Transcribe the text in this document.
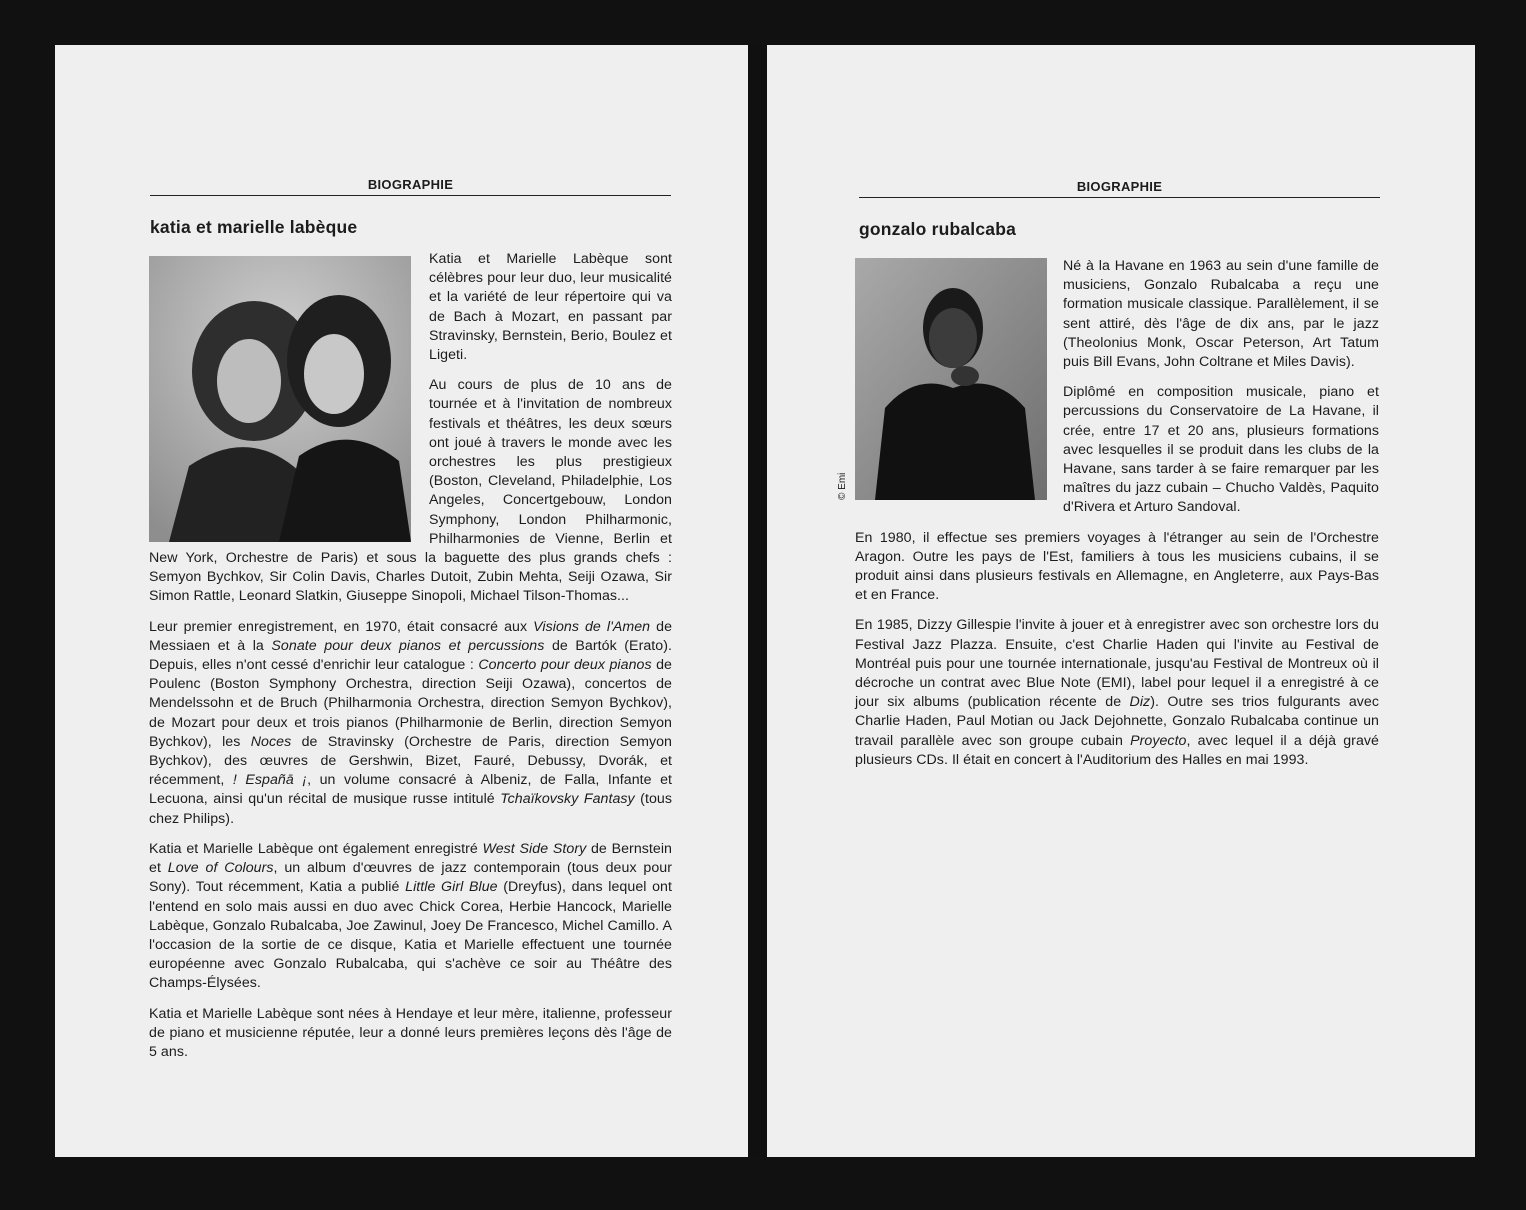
BIOGRAPHIE
katia et marielle labèque

Katia et Marielle Labèque sont célèbres pour leur duo, leur musicalité et la variété de leur répertoire qui va de Bach à Mozart, en passant par Stravinsky, Bernstein, Berio, Boulez et Ligeti.

Au cours de plus de 10 ans de tournée et à l'invitation de nombreux festivals et théâtres, les deux sœurs ont joué à travers le monde avec les orchestres les plus prestigieux (Boston, Cleveland, Philadelphie, Los Angeles, Concertgebouw, London Symphony, London Philharmonic, Philharmonies de Vienne, Berlin et New York, Orchestre de Paris) et sous la baguette des plus grands chefs : Semyon Bychkov, Sir Colin Davis, Charles Dutoit, Zubin Mehta, Seiji Ozawa, Sir Simon Rattle, Leonard Slatkin, Giuseppe Sinopoli, Michael Tilson-Thomas...

Leur premier enregistrement, en 1970, était consacré aux Visions de l'Amen de Messiaen et à la Sonate pour deux pianos et percussions de Bartók (Erato). Depuis, elles n'ont cessé d'enrichir leur catalogue : Concerto pour deux pianos de Poulenc (Boston Symphony Orchestra, direction Seiji Ozawa), concertos de Mendelssohn et de Bruch (Philharmonia Orchestra, direction Semyon Bychkov), de Mozart pour deux et trois pianos (Philharmonie de Berlin, direction Semyon Bychkov), les Noces de Stravinsky (Orchestre de Paris, direction Semyon Bychkov), des œuvres de Gershwin, Bizet, Fauré, Debussy, Dvorák, et récemment, ! Españā ¡, un volume consacré à Albeniz, de Falla, Infante et Lecuona, ainsi qu'un récital de musique russe intitulé Tchaïkovsky Fantasy (tous chez Philips).

Katia et Marielle Labèque ont également enregistré West Side Story de Bernstein et Love of Colours, un album d'œuvres de jazz contemporain (tous deux pour Sony). Tout récemment, Katia a publié Little Girl Blue (Dreyfus), dans lequel ont l'entend en solo mais aussi en duo avec Chick Corea, Herbie Hancock, Marielle Labèque, Gonzalo Rubalcaba, Joe Zawinul, Joey De Francesco, Michel Camillo. A l'occasion de la sortie de ce disque, Katia et Marielle effectuent une tournée européenne avec Gonzalo Rubalcaba, qui s'achève ce soir au Théâtre des Champs-Élysées.

Katia et Marielle Labèque sont nées à Hendaye et leur mère, italienne, professeur de piano et musicienne réputée, leur a donné leurs premières leçons dès l'âge de 5 ans.

BIOGRAPHIE
gonzalo rubalcaba
© Emi

Né à la Havane en 1963 au sein d'une famille de musiciens, Gonzalo Rubalcaba a reçu une formation musicale classique. Parallèlement, il se sent attiré, dès l'âge de dix ans, par le jazz (Theolonius Monk, Oscar Peterson, Art Tatum puis Bill Evans, John Coltrane et Miles Davis).

Diplômé en composition musicale, piano et percussions du Conservatoire de La Havane, il crée, entre 17 et 20 ans, plusieurs formations avec lesquelles il se produit dans les clubs de la Havane, sans tarder à se faire remarquer par les maîtres du jazz cubain – Chucho Valdès, Paquito d'Rivera et Arturo Sandoval.

En 1980, il effectue ses premiers voyages à l'étranger au sein de l'Orchestre Aragon. Outre les pays de l'Est, familiers à tous les musiciens cubains, il se produit ainsi dans plusieurs festivals en Allemagne, en Angleterre, aux Pays-Bas et en France.

En 1985, Dizzy Gillespie l'invite à jouer et à enregistrer avec son orchestre lors du Festival Jazz Plazza. Ensuite, c'est Charlie Haden qui l'invite au Festival de Montréal puis pour une tournée internationale, jusqu'au Festival de Montreux où il décroche un contrat avec Blue Note (EMI), label pour lequel il a enregistré à ce jour six albums (publication récente de Diz). Outre ses trios fulgurants avec Charlie Haden, Paul Motian ou Jack Dejohnette, Gonzalo Rubalcaba continue un travail parallèle avec son groupe cubain Proyecto, avec lequel il a déjà gravé plusieurs CDs. Il était en concert à l'Auditorium des Halles en mai 1993.
